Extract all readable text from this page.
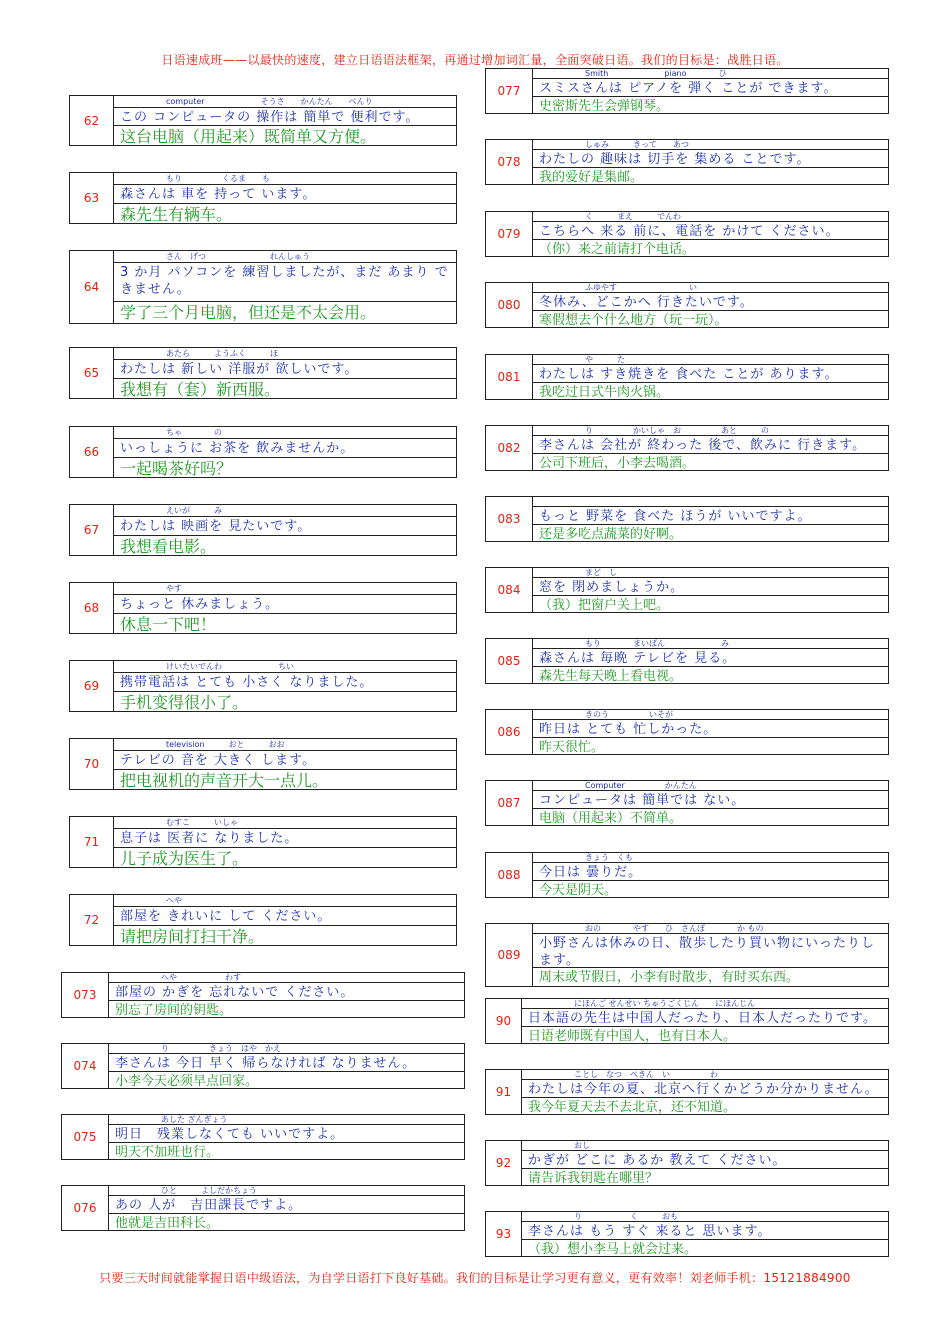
日语速成班——以最快的速度，建立日语语法框架，再通过增加词汇量，全面突破日语。我们的目标是：战胜日语。
62
computer　　　　　　　そうさ　　かんたん　　べんり
この コンピュータの 操作は 簡単で 便利です。
这台电脑（用起来）既简单又方便。
63
もり　　　　　くるま　　も
森さんは 車を 持って います。
森先生有辆车。
64
さん　げつ　　　　　　　　れんしゅう
3 か月 パソコンを 練習しましたが、まだ あまり できません。
学了三个月电脑，但还是不太会用。
65
あたら　　　ようふく　　　ほ
わたしは 新しい 洋服が 欲しいです。
我想有（套）新西服。
66
ちゃ　　　　の
いっしょうに お茶を 飲みませんか。
一起喝茶好吗？
67
えいが　　　み
わたしは 映画を 見たいです。
我想看电影。
68
やす
ちょっと 休みましょう。
休息一下吧！
69
けいたいでんわ　　　　　　　ちい
携帯電話は とても 小さく なりました。
手机变得很小了。
70
television　　　おと　　　おお
テレビの 音を 大きく します。
把电视机的声音开大一点儿。
71
むすこ　　　いしゃ
息子は 医者に なりました。
儿子成为医生了。
72
へや
部屋を きれいに して ください。
请把房间打扫干净。
073
へや　　　　　　わす
部屋の かぎを 忘れないで ください。
别忘了房间的钥匙。
074
り　　　　　きょう　はや　かえ
李さんは 今日 早く 帰らなければ なりません。
小李今天必须早点回家。
075
あした ざんぎょう
明日　残業しなくても いいですよ。
明天不加班也行。
076
ひと　　　よしだかちょう
あの 人が　吉田課長ですよ。
他就是吉田科长。
077
Smith　　　　　　　piano　　　　ひ
スミスさんは ピアノを 弾く ことが できます。
史密斯先生会弹钢琴。
078
しゅみ　　　きって　　あつ
わたしの 趣味は 切手を 集める ことです。
我的爱好是集邮。
079
く　　　まえ　　　でんわ
こちらへ 来る 前に、電話を かけて ください。
（你）来之前请打个电话。
080
ふゆやす　　　　　　　　　い
冬休み、どこかへ 行きたいです。
寒假想去个什么地方（玩一玩）。
081
や　　　た
わたしは すき焼きを 食べた ことが あります。
我吃过日式牛肉火锅。
082
り　　　　　かいしゃ　お　　　　　あと　　　の
李さんは 会社が 終わった 後で、飲みに 行きます。
公司下班后，小李去喝酒。
083	もっと 野菜を 食べた ほうが いいですよ。
还是多吃点蔬菜的好啊。
084
まど　し
窓を 閉めましょうか。
（我）把窗户关上吧。
085
もり　　　　まいばん　　　　　　　み
森さんは 毎晩 テレビを 見る。
森先生每天晚上看电视。
086
きのう　　　　　いそが
昨日は とても 忙しかった。
昨天很忙。
087
Computer　　　　　かんたん
コンピュータは 簡単では ない。
电脑（用起来）不简单。
088
きょう　くも
今日は 曇りだ。
今天是阴天。
089
おの　　　　やす　　ひ　さんぽ　　　　か もの
小野さんは休みの日、散歩したり買い物にいったりします。
周末或节假日，小李有时散步，有时买东西。
90
にほんご せんせい ちゅうごくじん　　にほんじん
日本語の先生は中国人だったり、日本人だったりです。
日语老师既有中国人，也有日本人。
91
ことし　なつ　ぺきん　い　　　　　わ
わたしは今年の夏、北京へ行くかどうか分かりません。
我今年夏天去不去北京，还不知道。
92
おし
かぎが どこに あるか 教えて ください。
请告诉我钥匙在哪里？
93
り　　　　　　く　　　おも
李さんは もう すぐ 来ると 思います。
（我）想小李马上就会过来。
只要三天时间就能掌握日语中级语法，为自学日语打下良好基础。我们的目标是让学习更有意义，更有效率！刘老师手机：15121884900
